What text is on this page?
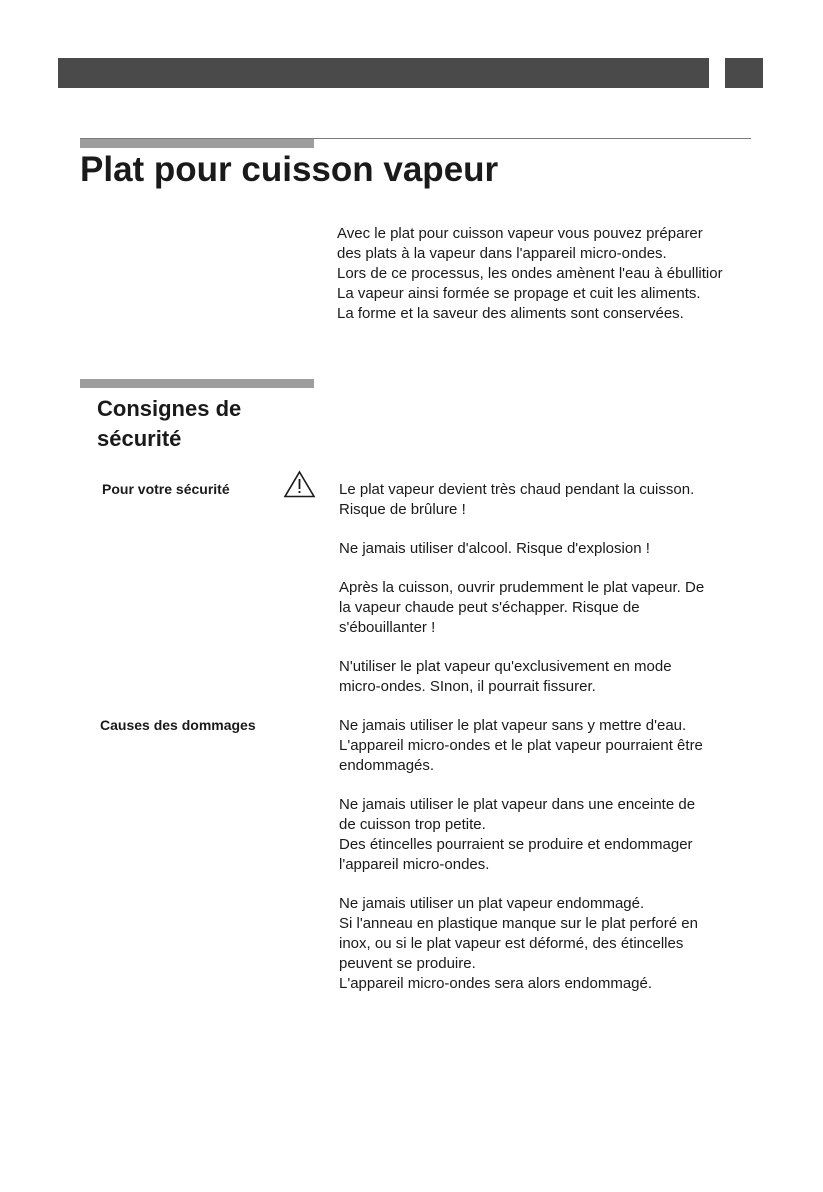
Plat pour cuisson vapeur
Avec le plat pour cuisson vapeur vous pouvez préparer
des plats à la vapeur dans l'appareil micro-ondes.
Lors de ce processus, les ondes amènent l'eau à ébullitior
La vapeur ainsi formée se propage et cuit les aliments.
La forme et la saveur des aliments sont conservées.
Consignes de
sécurité
Pour votre sécurité	Le plat vapeur devient très chaud pendant la cuisson.
Risque de brûlure !
Ne jamais utiliser d'alcool. Risque d'explosion !
Après la cuisson, ouvrir prudemment le plat vapeur. De
la vapeur chaude peut s'échapper. Risque de
s'ébouillanter !
N'utiliser le plat vapeur qu'exclusivement en mode
micro-ondes. SInon, il pourrait fissurer.
Causes des dommages	Ne jamais utiliser le plat vapeur sans y mettre d'eau.
L'appareil micro-ondes et le plat vapeur pourraient être
endommagés.
Ne jamais utiliser le plat vapeur dans une enceinte de
de cuisson trop petite.
Des étincelles pourraient se produire et endommager
l'appareil micro-ondes.
Ne jamais utiliser un plat vapeur endommagé.
Si l'anneau en plastique manque sur le plat perforé en
inox, ou si le plat vapeur est déformé, des étincelles
peuvent se produire.
L'appareil micro-ondes sera alors endommagé.
